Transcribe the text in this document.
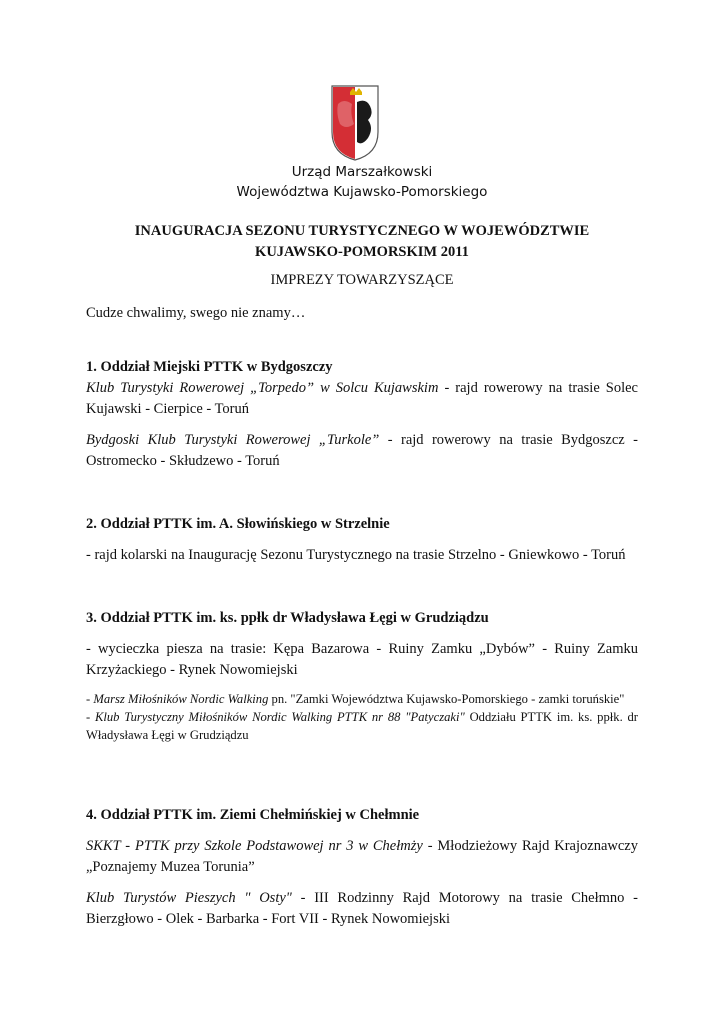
Urząd Marszałkowski
Województwa Kujawsko-Pomorskiego
INAUGURACJA SEZONU TURYSTYCZNEGO W WOJEWÓDZTWIE
KUJAWSKO-POMORSKIM 2011
IMPREZY TOWARZYSZĄCE
Cudze chwalimy, swego nie znamy…
1. Oddział Miejski PTTK w Bydgoszczy

Klub Turystyki Rowerowej „Torpedo” w Solcu Kujawskim - rajd rowerowy na trasie Solec Kujawski - Cierpice - Toruń

Bydgoski Klub Turystyki Rowerowej „Turkole” - rajd rowerowy na trasie Bydgoszcz - Ostromecko - Skłudzewo - Toruń

2. Oddział PTTK im. A. Słowińskiego w Strzelnie

- rajd kolarski na Inaugurację Sezonu Turystycznego na trasie Strzelno - Gniewkowo - Toruń

3. Oddział PTTK im. ks. ppłk dr Władysława Łęgi w Grudziądzu

- wycieczka piesza na trasie: Kępa Bazarowa - Ruiny Zamku „Dybów” - Ruiny Zamku Krzyżackiego - Rynek Nowomiejski

- Marsz Miłośników Nordic Walking pn. "Zamki Województwa Kujawsko-Pomorskiego - zamki toruńskie"
- Klub Turystyczny Miłośników Nordic Walking PTTK nr 88 "Patyczaki" Oddziału PTTK im. ks. ppłk. dr Władysława Łęgi w Grudziądzu
4. Oddział PTTK im. Ziemi Chełmińskiej w Chełmnie

SKKT - PTTK przy Szkole Podstawowej nr 3 w Chełmży - Młodzieżowy Rajd Krajoznawczy „Poznajemy Muzea Torunia”

Klub Turystów Pieszych " Osty" - III Rodzinny Rajd Motorowy na trasie Chełmno - Bierzgłowo - Olek - Barbarka - Fort VII - Rynek Nowomiejski
